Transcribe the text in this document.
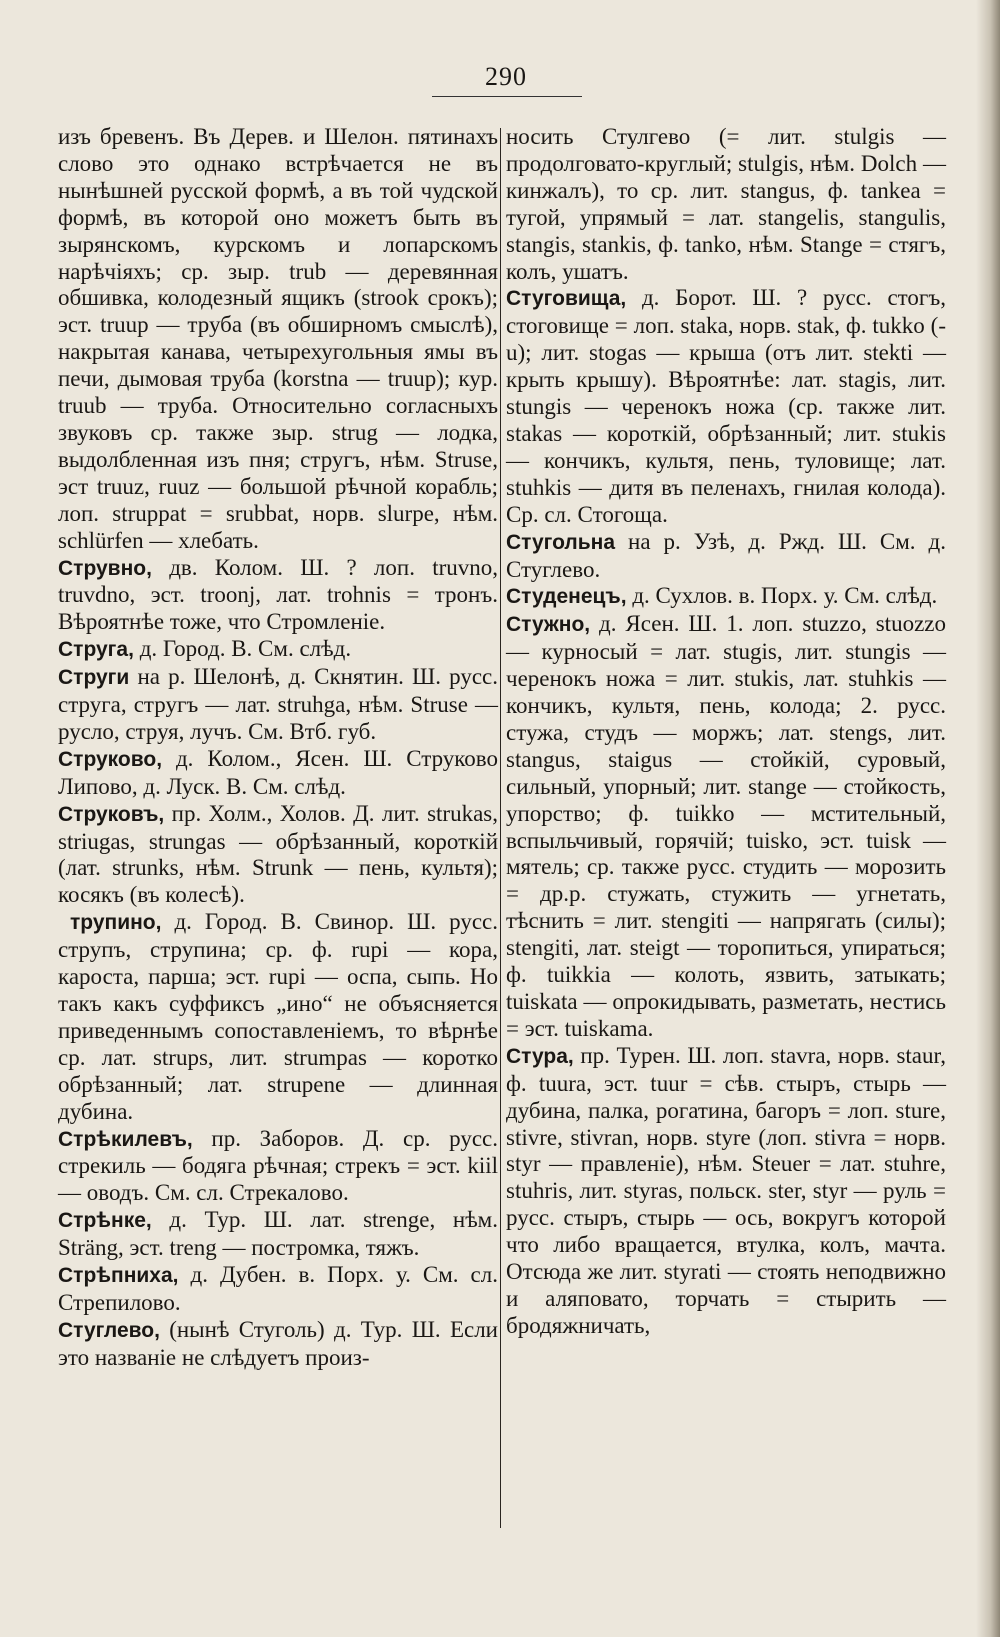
290

изъ бревенъ. Въ Дерев. и Шелон. пятинахъ слово это однако встрѣчается не въ нынѣшней русской формѣ, а въ той чудской формѣ, въ которой оно можетъ быть въ зырянскомъ, курскомъ и лопарскомъ нарѣчіяхъ; ср. зыр. trub — деревянная обшивка, колодезный ящикъ (strook срокъ); эст. truup — труба (въ обширномъ смыслѣ), накрытая канава, четырехугольныя ямы въ печи, дымовая труба (korstna — truup); кур. truub — труба. Относительно согласныхъ звуковъ ср. также зыр. strug — лодка, выдолбленная изъ пня; стругъ, нѣм. Struse, эст truuz, ruuz — большой рѣчной корабль; лоп. struppat = srubbat, норв. slurpe, нѣм. schlürfen — хлебать.

Струвно, дв. Колом. Ш. ? лоп. truvno, truvdno, эст. troonj, лат. trohnis = тронъ. Вѣроятнѣе тоже, что Стромленіе.

Струга, д. Город. В. См. слѣд.

Струги на р. Шелонѣ, д. Скнятин. Ш. русс. струга, стругъ — лат. struhga, нѣм. Struse — русло, струя, лучъ. См. Втб. губ.

Струково, д. Колом., Ясен. Ш. Струково Липово, д. Луск. В. См. слѣд.

Струковъ, пр. Холм., Холов. Д. лит. strukas, striugas, strungas — обрѣзанный, короткій (лат. strunks, нѣм. Strunk — пень, культя); косякъ (въ колесѣ).

трупино, д. Город. В. Свинор. Ш. русс. струпъ, струпина; ср. ф. rupi — кора, кароста, парша; эст. rupi — оспа, сыпь. Но такъ какъ суффиксъ „ино“ не объясняется приведеннымъ сопоставленіемъ, то вѣрнѣе ср. лат. strups, лит. strumpas — коротко обрѣзанный; лат. strupene — длинная дубина.

Стрѣкилевъ, пр. Заборов. Д. ср. русс. стрекиль — бодяга рѣчная; стрекъ = эст. kiil — оводъ. См. сл. Стрекалово.

Стрѣнке, д. Тур. Ш. лат. strenge, нѣм. Sträng, эст. treng — постромка, тяжъ.

Стрѣпниха, д. Дубен. в. Порх. у. См. сл. Стрепилово.

Стуглево, (нынѣ Стуголь) д. Тур. Ш. Если это названіе не слѣдуетъ произ-

носить Стулгево (= лит. stulgis — продолговато-круглый; stulgis, нѣм. Dolch — кинжалъ), то ср. лит. stangus, ф. tankea = тугой, упрямый = лат. stangelis, stangulis, stangis, stankis, ф. tanko, нѣм. Stange = стягъ, колъ, ушатъ.

Стуговища, д. Борот. Ш. ? русс. стогъ, стоговище = лоп. staka, норв. stak, ф. tukko (-u); лит. stogas — крыша (отъ лит. stekti — крыть крышу). Вѣроятнѣе: лат. stagis, лит. stungis — черенокъ ножа (ср. также лит. stakas — короткій, обрѣзанный; лит. stukis — кончикъ, культя, пень, туловище; лат. stuhkis — дитя въ пеленахъ, гнилая колода). Ср. сл. Стогоща.

Стугольна на р. Узѣ, д. Ржд. Ш. См. д. Стуглево.

Студенецъ, д. Сухлов. в. Порх. у. См. слѣд.

Стужно, д. Ясен. Ш. 1. лоп. stuzzo, stuozzo — курносый = лат. stugis, лит. stungis — черенокъ ножа = лит. stukis, лат. stuhkis — кончикъ, культя, пень, колода; 2. русс. стужа, студъ — моржъ; лат. stengs, лит. stangus, staigus — стойкій, суровый, сильный, упорный; лит. stange — стойкость, упорство; ф. tuikko — мстительный, вспыльчивый, горячій; tuisko, эст. tuisk — мятель; ср. также русс. студить — морозить = др.р. стужать, стужить — угнетать, тѣснить = лит. stengiti — напрягать (силы); stengiti, лат. steigt — торопиться, упираться; ф. tuikkia — колоть, язвить, затыкать; tuiskata — опрокидывать, разметать, нестись = эст. tuiskama.

Стура, пр. Турен. Ш. лоп. stavra, норв. staur, ф. tuura, эст. tuur = сѣв. стыръ, стырь — дубина, палка, рогатина, багоръ = лоп. sture, stivre, stivran, норв. styre (лоп. stivra = норв. styr — правленіе), нѣм. Steuer = лат. stuhre, stuhris, лит. styras, польск. ster, styr — руль = русс. стыръ, стырь — ось, вокругъ которой что либо вращается, втулка, колъ, мачта. Отсюда же лит. styrati — стоять неподвижно и аляповато, торчать = стырить — бродяжничать,
